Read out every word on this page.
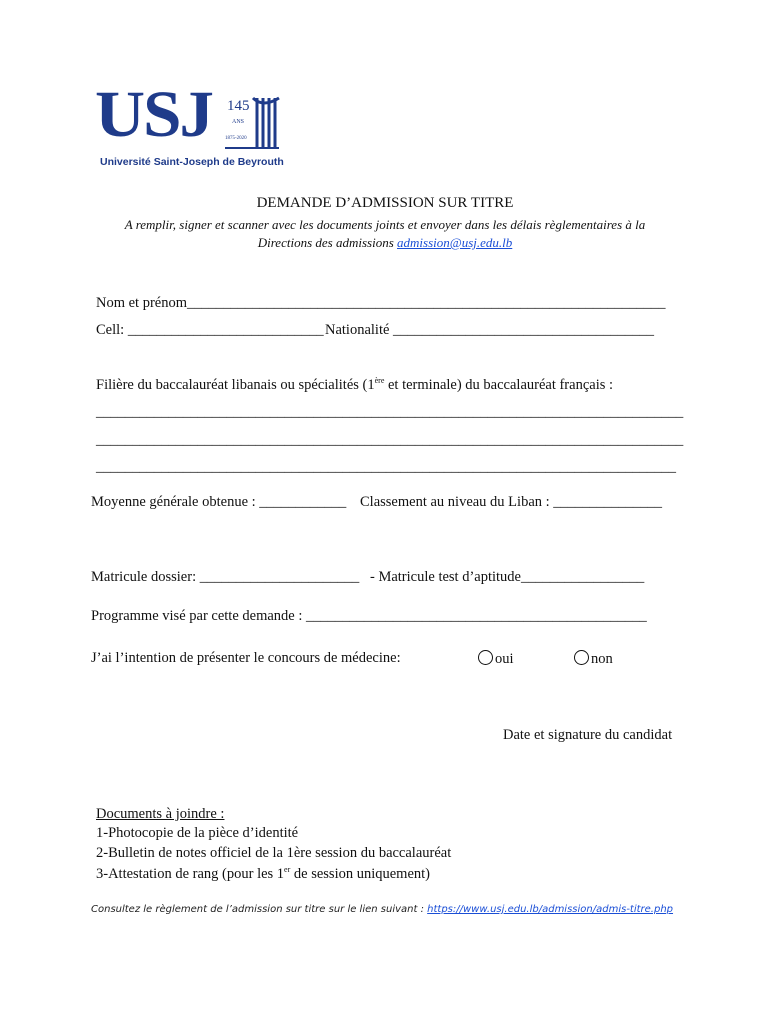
USJ 145
ANS
1875-2020
Université Saint-Joseph de Beyrouth
DEMANDE D’ADMISSION SUR TITRE
A remplir, signer et scanner avec les documents joints et envoyer dans les délais règlementaires à la
Directions des admissions admission@usj.edu.lb
Nom et prénom__________________________________________________________________
Cell: ___________________________ Nationalité ____________________________________
Filière du baccalauréat libanais ou spécialités (1ère et terminale) du baccalauréat français :
_________________________________________________________________________________
_________________________________________________________________________________
________________________________________________________________________________
Moyenne générale obtenue : ____________ Classement au niveau du Liban : _______________
Matricule dossier: ______________________ - Matricule test d’aptitude_________________
Programme visé par cette demande : _______________________________________________
J’ai l’intention de présenter le concours de médecine:	oui	non
Date et signature du candidat
Documents à joindre :
1-Photocopie de la pièce d’identité
2-Bulletin de notes officiel de la 1ère session du baccalauréat
3-Attestation de rang (pour les 1er de session uniquement)
Consultez le règlement de l’admission sur titre sur le lien suivant : https://www.usj.edu.lb/admission/admis-titre.php
